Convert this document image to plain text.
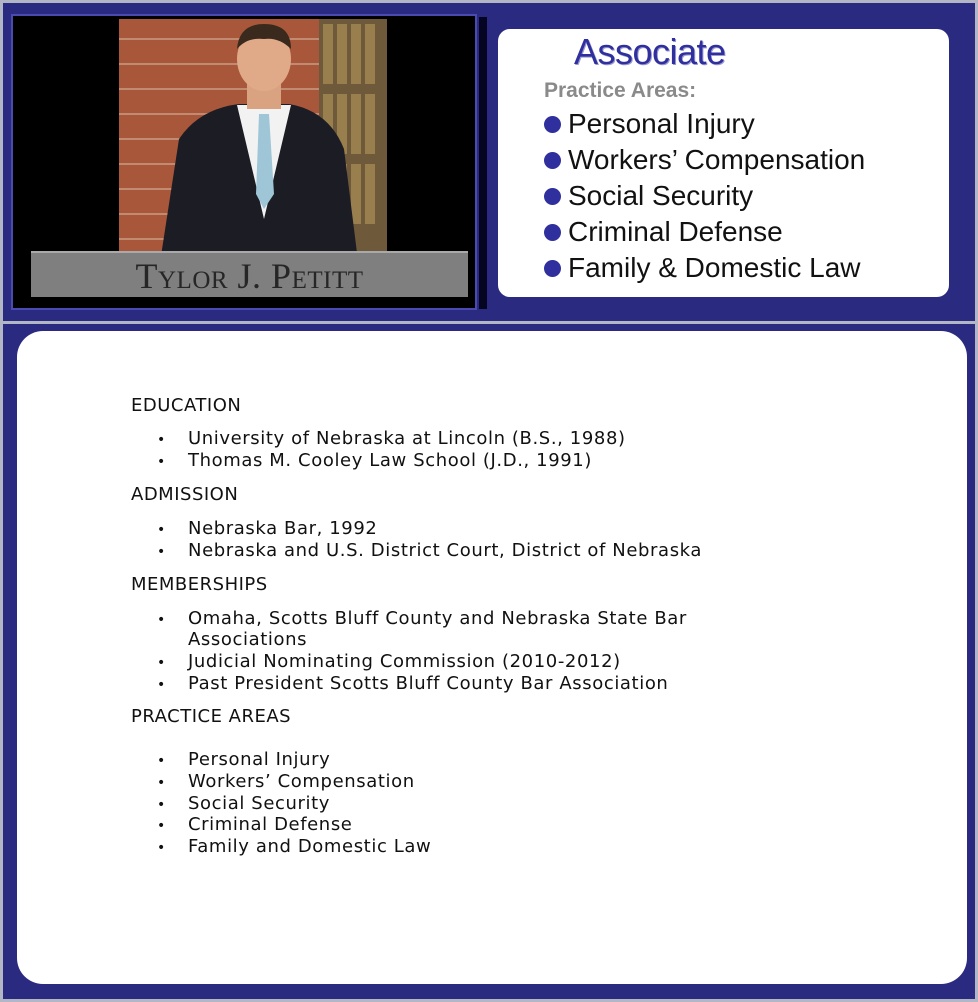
Tylor J. Petitt
Associate
Practice Areas:
Personal Injury
Workers’ Compensation
Social Security
Criminal Defense
Family & Domestic Law
EDUCATION
• University of Nebraska at Lincoln (B.S., 1988)
• Thomas M. Cooley Law School (J.D., 1991)
ADMISSION
• Nebraska Bar, 1992
• Nebraska and U.S. District Court, District of Nebraska
MEMBERSHIPS
• Omaha, Scotts Bluff County and Nebraska State Bar
Associations
• Judicial Nominating Commission (2010-2012)
• Past President Scotts Bluff County Bar Association
PRACTICE AREAS
• Personal Injury
• Workers’ Compensation
• Social Security
• Criminal Defense
• Family and Domestic Law
